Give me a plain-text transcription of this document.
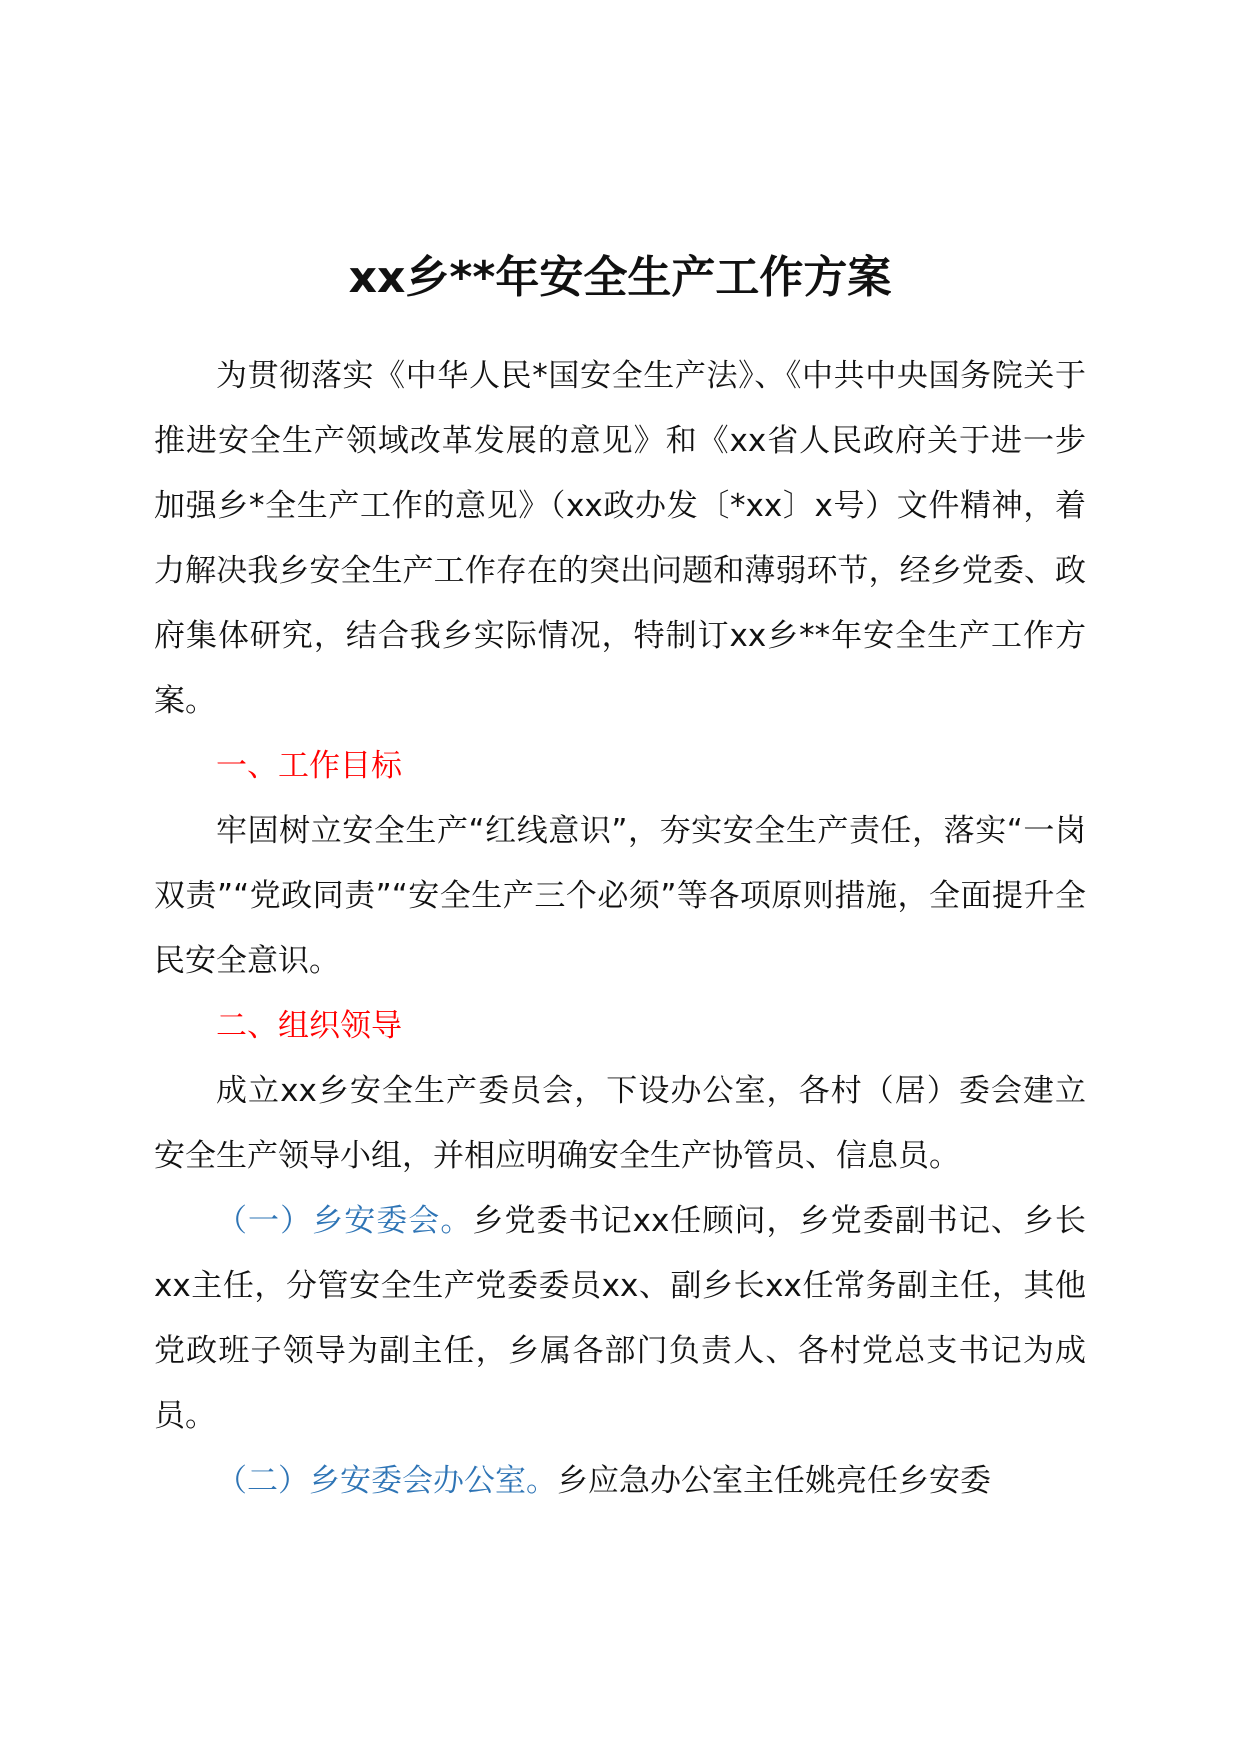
xx乡**年安全生产工作方案

为贯彻落实《中华人民*国安全生产法》、《中共中央国务院关于推进安全生产领域改革发展的意见》和《xx省人民政府关于进一步加强乡*全生产工作的意见》（xx政办发〔*xx〕x号）文件精神，着力解决我乡安全生产工作存在的突出问题和薄弱环节，经乡党委、政府集体研究，结合我乡实际情况，特制订xx乡**年安全生产工作方案。

一、工作目标

牢固树立安全生产“红线意识”，夯实安全生产责任，落实“一岗双责”“党政同责”“安全生产三个必须”等各项原则措施，全面提升全民安全意识。

二、组织领导

成立xx乡安全生产委员会，下设办公室，各村（居）委会建立安全生产领导小组，并相应明确安全生产协管员、信息员。

（一）乡安委会。乡党委书记xx任顾问，乡党委副书记、乡长xx主任，分管安全生产党委委员xx、副乡长xx任常务副主任，其他党政班子领导为副主任，乡属各部门负责人、各村党总支书记为成员。

（二）乡安委会办公室。乡应急办公室主任姚亮任乡安委
